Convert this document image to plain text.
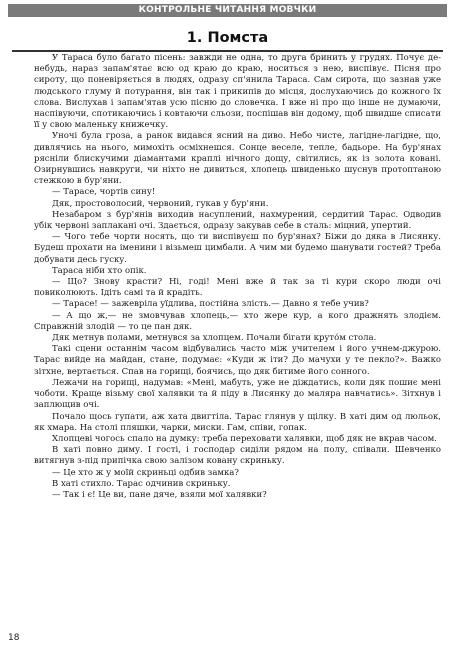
КОНТРОЛЬНЕ ЧИТАННЯ МОВЧКИ
1. Помста

У Тараса було багато пісень: завжди не одна, то друга бринить у грудях. Почує де-небудь, нараз запам'ятає всю од краю до краю, носиться з нею, виспівує. Пісня про сироту, що поневіряється в людях, одразу сп'янила Тараса. Сам сирота, що зазнав уже людського глуму й потурання, він так і прикипів до місця, дослухаючись до кожного їх слова. Вислухав і запам'ятав усю пісню до словечка. І вже ні про що інше не думаючи, наспівуючи, спотикаючись і ковтаючи сльози, поспішав він додому, щоб швидше списати її у свою маленьку книжечку.

Уночі була гроза, а ранок видався ясний на диво. Небо чисте, лагідне-лагідне, що, дивлячись на нього, мимохіть осміхнешся. Сонце веселе, тепле, бадьоре. На бур'янах рясніли блискучими діамантами краплі нічного дощу, світились, як із золота ковані. Озирнувшись навкруги, чи ніхто не дивиться, хлопець швиденько шуснув протоптаною стежкою в бур'яни.

— Тарасе, чортів сину!

Дяк, простоволосий, червоний, гукав у бур'яни.

Незабаром з бур'янів виходив насуплений, нахмурений, сердитий Тарас. Одводив убік червоні заплакані очі. Здається, одразу закував себе в сталь: міцний, упертий.

— Чого тебе чорти носять, що ти виспівуєш по бур'янах? Біжи до дяка в Лисянку. Будеш прохати на іменини і візьмеш цимбали. А чим ми будемо шанувати гостей? Треба добувати десь гуску.

Тараса ніби хто опік.

— Що? Знову красти? Ні, годі! Мені вже й так за ті кури скоро люди очі повиколюють. Ідіть самі та й крадіть.

— Тарасе! — зажевріла уїдлива, постійна злість.— Давно я тебе учив?

— А що ж,— не змовчував хлопець,— хто жере кур, а кого дражнять злодієм. Справжній злодій — то це пан дяк.

Дяк метнув полами, метнувся за хлопцем. Почали бігати круто́м стола.

Такі сцени останнім часом відбувались часто між учителем і його учнем-джурою. Тарас вийде на майдан, стане, подумає: «Куди ж іти? До мачухи у те пекло?». Важко зітхне, вертається. Спав на горищі, боячись, що дяк битиме його сонного.

Лежачи на горищі, надумав: «Мені, мабуть, уже не діждатись, коли дяк пошиє мені чоботи. Краще візьму свої халявки та й піду в Лисянку до маляра навчатись». Зітхнув і заплющив очі.

Почало щось гупати, аж хата двигтіла. Тарас глянув у щілку. В хаті дим од люльок, як хмара. На столі пляшки, чарки, миски. Гам, співи, гопак.

Хлопцеві чогось спало на думку: треба переховати халявки, щоб дяк не вкрав часом.

В хаті повно диму. І гості, і господар сиділи рядом на полу, співали. Шевченко витягнув з-під припічка свою залізом ковану скриньку.

— Це хто ж у моїй скриньці одбив замка?

В хаті стихло. Тарас одчинив скриньку.

— Так і є! Це ви, пане дяче, взяли мої халявки?

18
